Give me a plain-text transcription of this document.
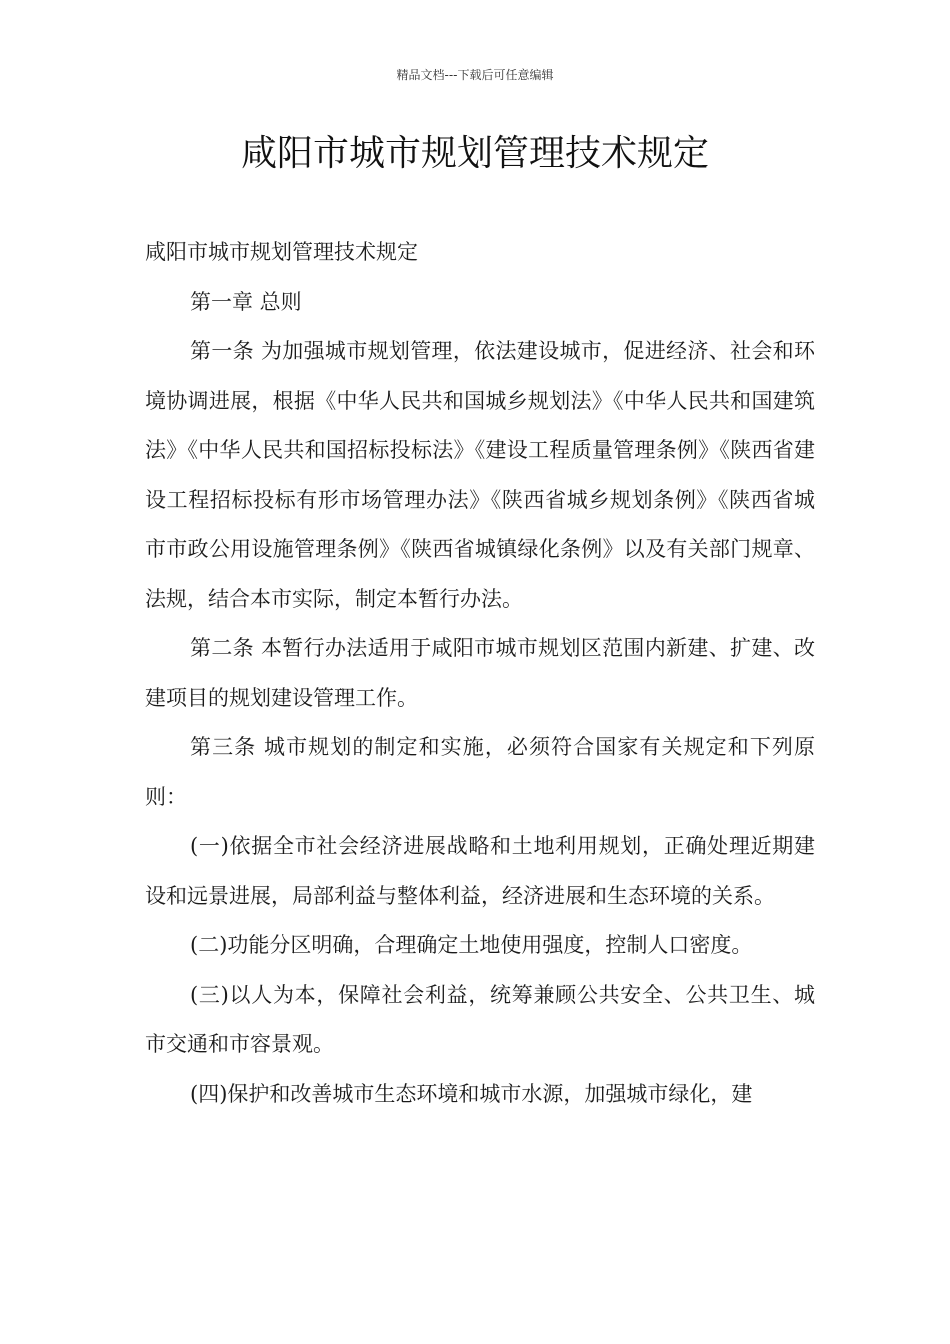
精品文档---下载后可任意编辑
咸阳市城市规划管理技术规定

咸阳市城市规划管理技术规定

第一章 总则

第一条 为加强城市规划管理，依法建设城市，促进经济、社会和环境协调进展，根据《中华人民共和国城乡规划法》《中华人民共和国建筑法》《中华人民共和国招标投标法》《建设工程质量管理条例》《陕西省建设工程招标投标有形市场管理办法》《陕西省城乡规划条例》《陕西省城市市政公用设施管理条例》《陕西省城镇绿化条例》以及有关部门规章、法规，结合本市实际，制定本暂行办法。

第二条 本暂行办法适用于咸阳市城市规划区范围内新建、扩建、改建项目的规划建设管理工作。

第三条 城市规划的制定和实施，必须符合国家有关规定和下列原则：

(一)依据全市社会经济进展战略和土地利用规划，正确处理近期建设和远景进展，局部利益与整体利益，经济进展和生态环境的关系。

(二)功能分区明确，合理确定土地使用强度，控制人口密度。

(三)以人为本，保障社会利益，统筹兼顾公共安全、公共卫生、城市交通和市容景观。

(四)保护和改善城市生态环境和城市水源，加强城市绿化，建
